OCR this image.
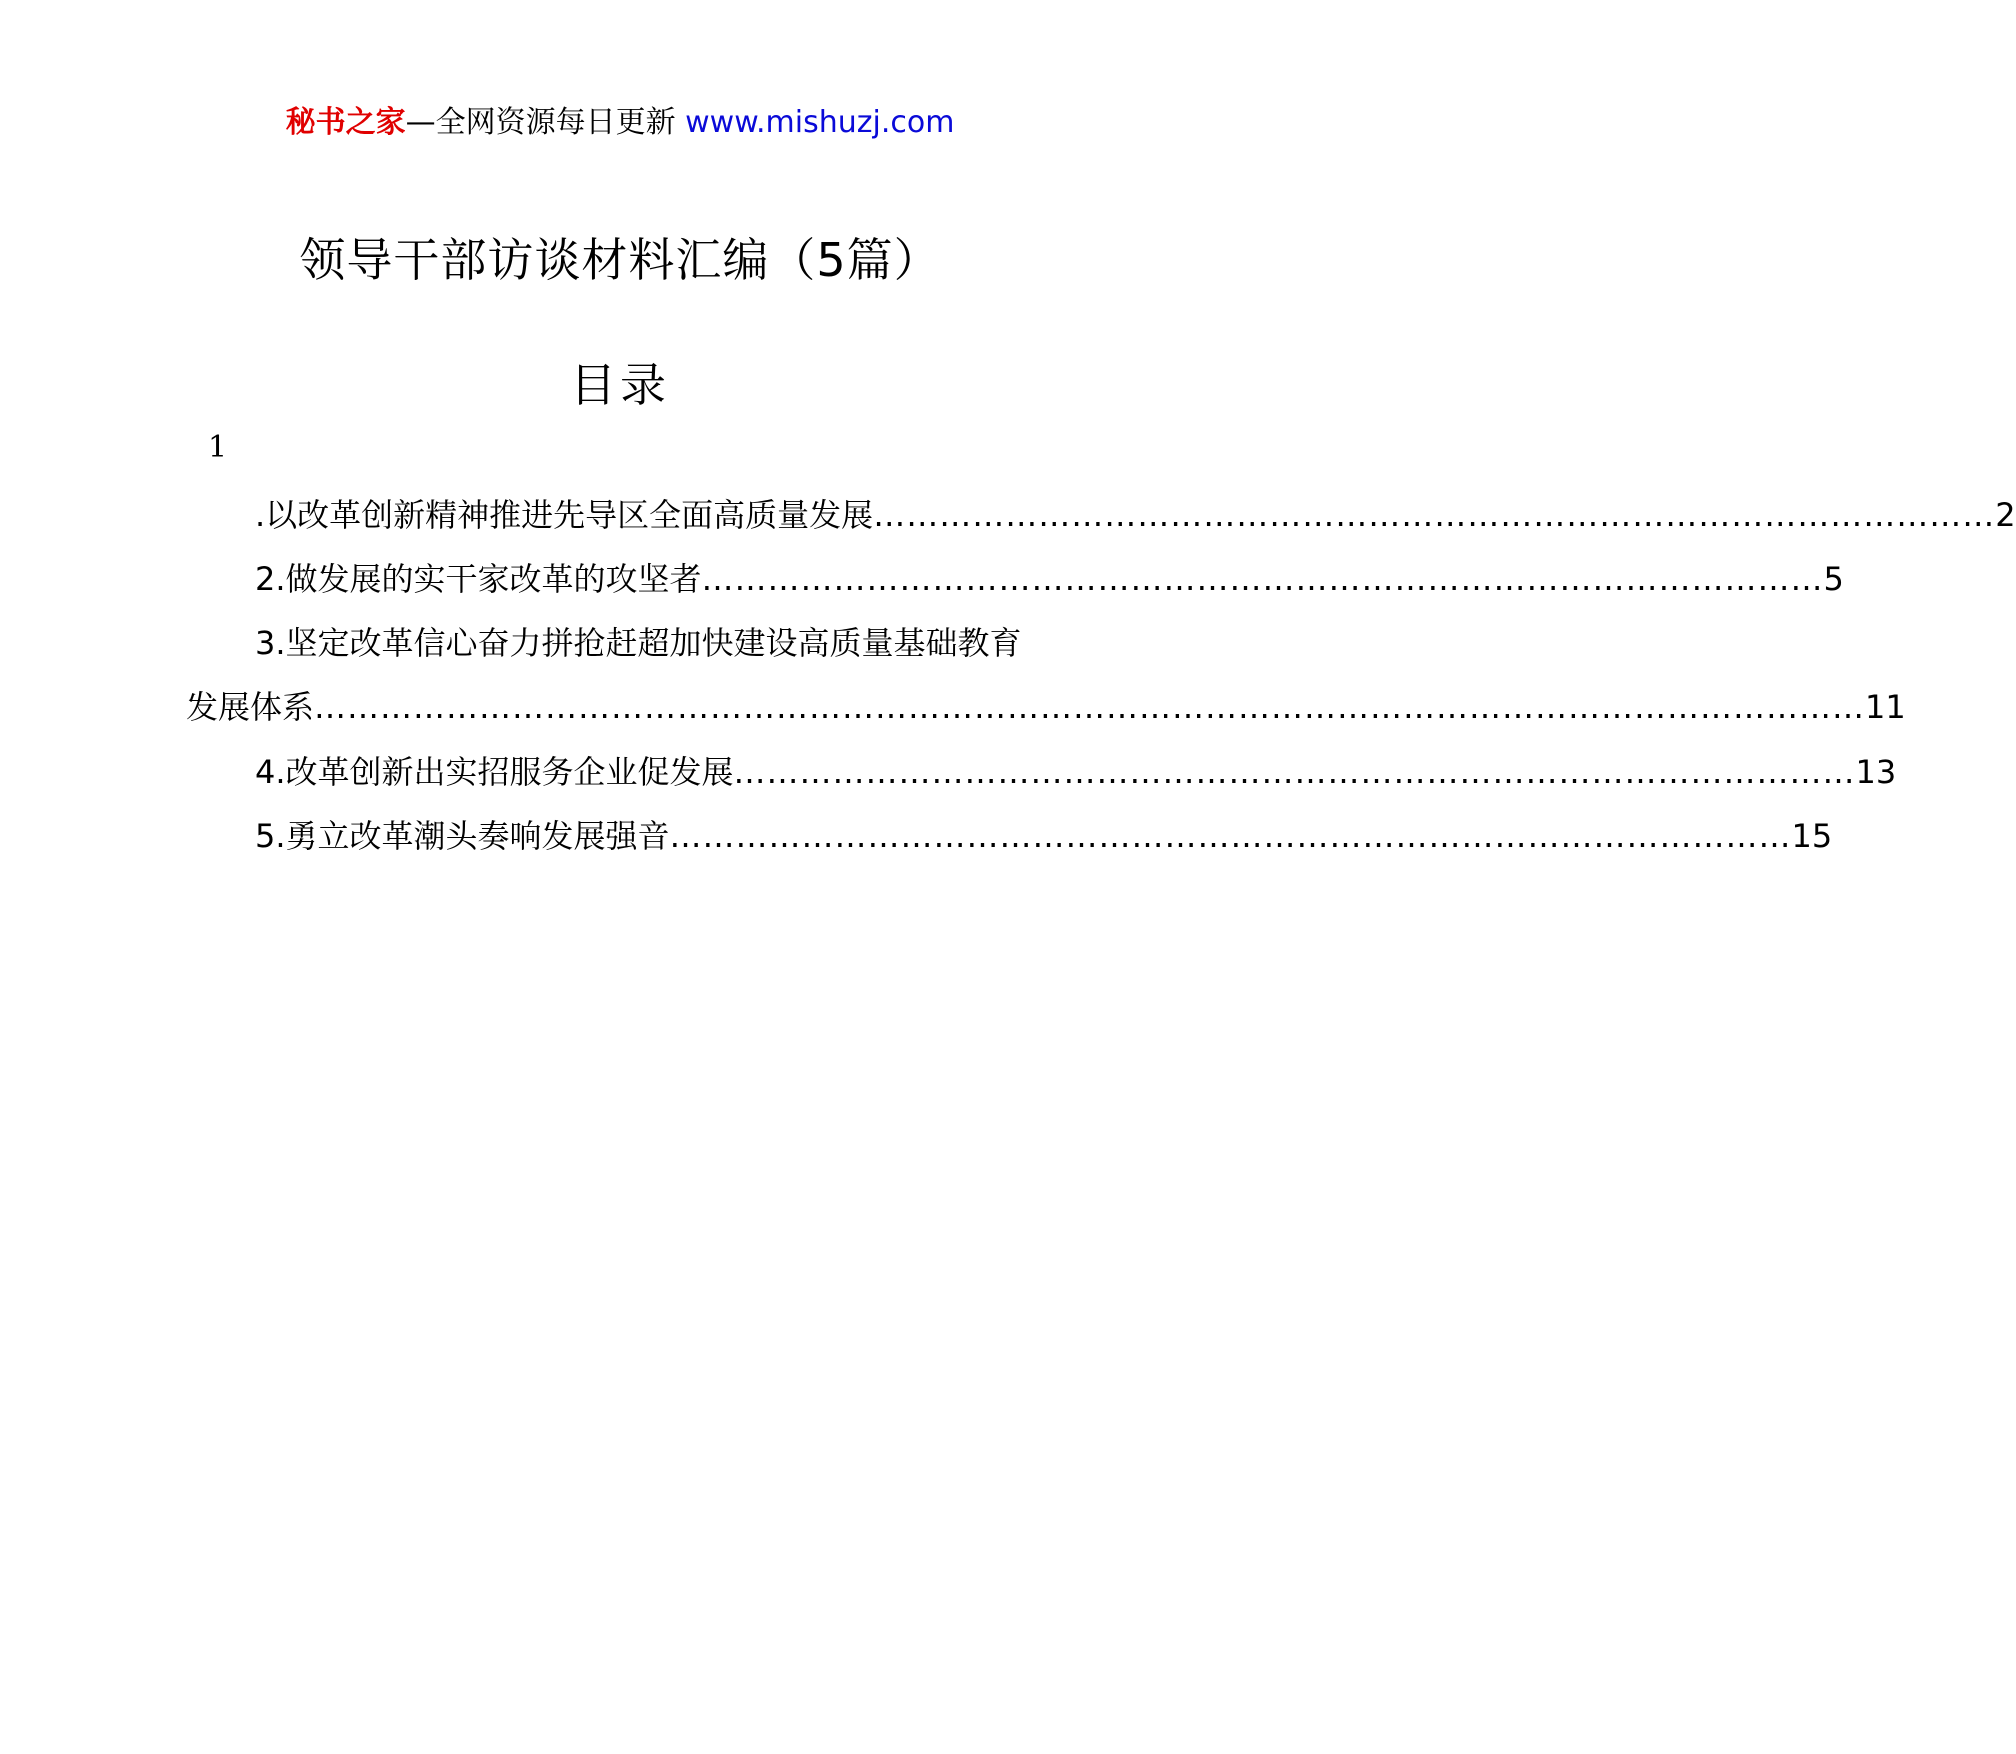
秘书之家—全网资源每日更新 www.mishuzj.com
领导干部访谈材料汇编（5篇）
目录
1
.以改革创新精神推进先导区全面高质量发展 ………………………………………………………………………………………… 2
2.做发展的实干家改革的攻坚者 ………………………………………………………………………………………… 5
3.坚定改革信心奋力拼抢赶超加快建设高质量基础教育
发展体系 …………………………………………………………………………………………………………………………… 11
4.改革创新出实招服务企业促发展 ………………………………………………………………………………………… 13
5.勇立改革潮头奏响发展强音 ………………………………………………………………………………………… 15
